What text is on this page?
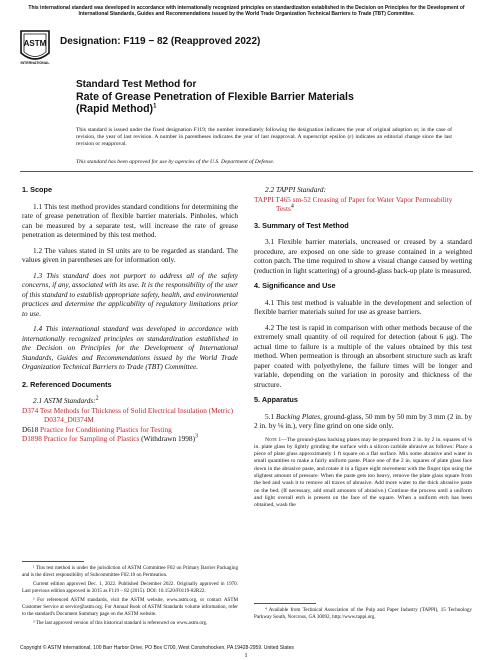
This international standard was developed in accordance with internationally recognized principles on standardization established in the Decision on Principles for the Development of International Standards, Guides and Recommendations issued by the World Trade Organization Technical Barriers to Trade (TBT) Committee.
ASTM
INTERNATIONAL
Designation: F119 − 82 (Reapproved 2022)
Standard Test Method for
Rate of Grease Penetration of Flexible Barrier Materials
(Rapid Method)$^1$
This standard is issued under the fixed designation F119; the number immediately following the designation indicates the year of original adoption or, in the case of revision, the year of last revision. A number in parentheses indicates the year of last reapproval. A superscript epsilon (ε) indicates an editorial change since the last revision or reapproval.
This standard has been approved for use by agencies of the U.S. Department of Defense.
1. Scope

1.1 This test method provides standard conditions for determining the rate of grease penetration of flexible barrier materials. Pinholes, which can be measured by a separate test, will increase the rate of grease penetration as determined by this test method.

1.2 The values stated in SI units are to be regarded as standard. The values given in parentheses are for information only.

1.3 This standard does not purport to address all of the safety concerns, if any, associated with its use. It is the responsibility of the user of this standard to establish appropriate safety, health, and environmental practices and determine the applicability of regulatory limitations prior to use.

1.4 This international standard was developed in accordance with internationally recognized principles on standardization established in the Decision on Principles for the Development of International Standards, Guides and Recommendations issued by the World Trade Organization Technical Barriers to Trade (TBT) Committee.

2. Referenced Documents
2.1 ASTM Standards:$^2$
D374 Test Methods for Thickness of Solid Electrical Insulation (Metric) D0374_D0374M
D618 Practice for Conditioning Plastics for Testing
D1898 Practice for Sampling of Plastics (Withdrawn 1998)$^3$
¹ This test method is under the jurisdiction of ASTM Committee F02 on Primary Barrier Packaging and is the direct responsibility of Subcommittee F02.10 on Permeation.
Current edition approved Dec. 1, 2022. Published December 2022. Originally approved in 1970. Last previous edition approved in 2015 as F119 – 82 (2015). DOI: 10.1520/F0119-82R22.
² For referenced ASTM standards, visit the ASTM website, www.astm.org, or contact ASTM Customer Service at service@astm.org. For Annual Book of ASTM Standards volume information, refer to the standard's Document Summary page on the ASTM website.
³ The last approved version of this historical standard is referenced on www.astm.org.
2.2 TAPPI Standard:
TAPPI T465 sm-52 Creasing of Paper for Water Vapor Permeability Tests$^4$
3. Summary of Test Method

3.1 Flexible barrier materials, uncreased or creased by a standard procedure, are exposed on one side to grease contained in a weighted cotton patch. The time required to show a visual change caused by wetting (reduction in light scattering) of a ground-glass back-up plate is measured.

4. Significance and Use

4.1 This test method is valuable in the development and selection of flexible barrier materials suited for use as grease barriers.

4.2 The test is rapid in comparison with other methods because of the extremely small quantity of oil required for detection (about 6 μg). The actual time to failure is a multiple of the values obtained by this test method. When permeation is through an absorbent structure such as kraft paper coated with polyethylene, the failure times will be longer and variable, depending on the variation in porosity and thickness of the structure.

5. Apparatus

5.1 Backing Plates, ground-glass, 50 mm by 50 mm by 3 mm (2 in. by 2 in. by ⅛ in.), very fine grind on one side only.

Note 1—The ground-glass backing plates may be prepared from 2 in. by 2 in. squares of ⅛ in. plate glass by lightly grinding the surface with a silicon carbide abrasive as follows: Place a piece of plate glass approximately 1 ft square on a flat surface. Mix some abrasive and water in small quantities to make a fairly uniform paste. Place one of the 2 in. squares of plate glass face down in the abrasive paste, and rotate it in a figure eight movement with the finger tips using the slightest amount of pressure. When the paste gets too heavy, remove the plate glass square from the bed and wash it to remove all traces of abrasive. Add more water to the thick abrasive paste on the bed. (If necessary, add small amounts of abrasive.) Continue the process until a uniform and light overall etch is present on the face of the square. When a uniform etch has been obtained, wash the
⁴ Available from Technical Association of the Pulp and Paper Industry (TAPPI), 15 Technology Parkway South, Norcross, GA 30092, http://www.tappi.org.
Copyright © ASTM International, 100 Barr Harbor Drive, PO Box C700, West Conshohocken, PA 19428-2959. United States
1
